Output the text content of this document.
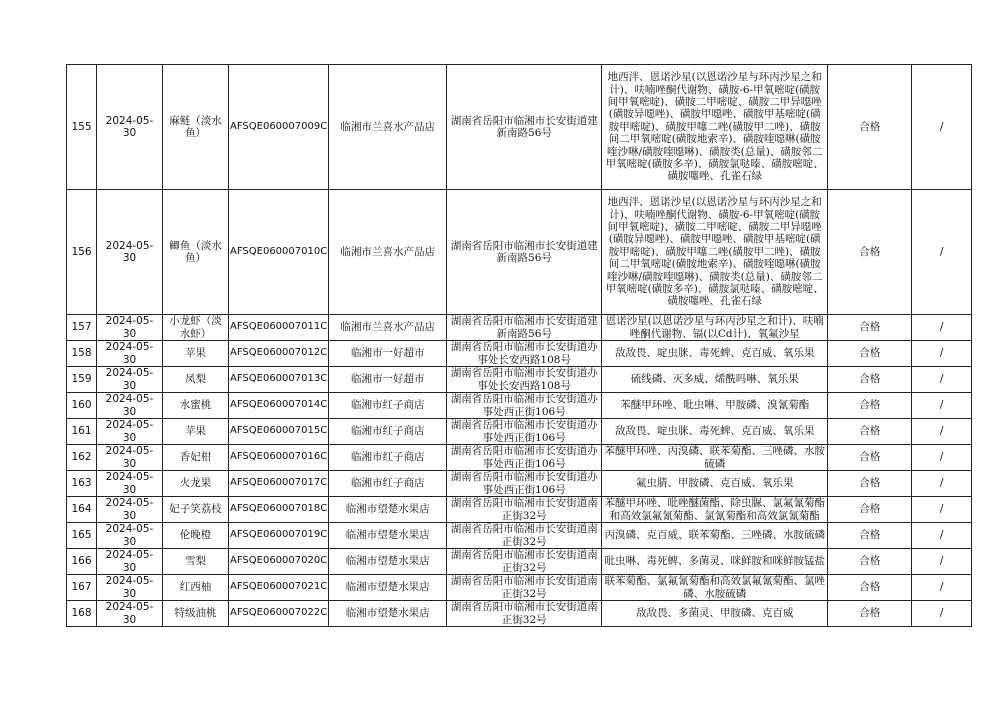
155	2024-05-30	麻鲢（淡水鱼）	AFSQE060007009C	临湘市兰喜水产品店	湖南省岳阳市临湘市长安街道建新南路56号	地西泮、恩诺沙星(以恩诺沙星与环丙沙星之和计)、呋喃唑酮代谢物、磺胺-6-甲氧嘧啶(磺胺间甲氧嘧啶)、磺胺二甲嘧啶、磺胺二甲异噁唑(磺胺异噁唑)、磺胺甲噁唑、磺胺甲基嘧啶(磺胺甲嘧啶)、磺胺甲噻二唑(磺胺甲二唑)、磺胺间二甲氧嘧啶(磺胺地索辛)、磺胺喹噁啉(磺胺喹沙啉/磺胺喹噁啉)、磺胺类(总量)、磺胺邻二甲氧嘧啶(磺胺多辛)、磺胺氯哒嗪、磺胺嘧啶、磺胺噻唑、孔雀石绿	合格	/
156	2024-05-30	鲫鱼（淡水鱼）	AFSQE060007010C	临湘市兰喜水产品店	湖南省岳阳市临湘市长安街道建新南路56号	地西泮、恩诺沙星(以恩诺沙星与环丙沙星之和计)、呋喃唑酮代谢物、磺胺-6-甲氧嘧啶(磺胺间甲氧嘧啶)、磺胺二甲嘧啶、磺胺二甲异噁唑(磺胺异噁唑)、磺胺甲噁唑、磺胺甲基嘧啶(磺胺甲嘧啶)、磺胺甲噻二唑(磺胺甲二唑)、磺胺间二甲氧嘧啶(磺胺地索辛)、磺胺喹噁啉(磺胺喹沙啉/磺胺喹噁啉)、磺胺类(总量)、磺胺邻二甲氧嘧啶(磺胺多辛)、磺胺氯哒嗪、磺胺嘧啶、磺胺噻唑、孔雀石绿	合格	/
157	2024-05-30	小龙虾（淡水虾）	AFSQE060007011C	临湘市兰喜水产品店	湖南省岳阳市临湘市长安街道建新南路56号	恩诺沙星(以恩诺沙星与环丙沙星之和计)、呋喃唑酮代谢物、镉(以Cd计)、氧氟沙星	合格	/
158	2024-05-30	苹果	AFSQE060007012C	临湘市一好超市	湖南省岳阳市临湘市长安街道办事处长安西路108号	敌敌畏、啶虫脒、毒死蜱、克百威、氧乐果	合格	/
159	2024-05-30	凤梨	AFSQE060007013C	临湘市一好超市	湖南省岳阳市临湘市长安街道办事处长安西路108号	硫线磷、灭多威、烯酰吗啉、氧乐果	合格	/
160	2024-05-30	水蜜桃	AFSQE060007014C	临湘市红子商店	湖南省岳阳市临湘市长安街道办事处西正街106号	苯醚甲环唑、吡虫啉、甲胺磷、溴氰菊酯	合格	/
161	2024-05-30	苹果	AFSQE060007015C	临湘市红子商店	湖南省岳阳市临湘市长安街道办事处西正街106号	敌敌畏、啶虫脒、毒死蜱、克百威、氧乐果	合格	/
162	2024-05-30	香妃柑	AFSQE060007016C	临湘市红子商店	湖南省岳阳市临湘市长安街道办事处西正街106号	苯醚甲环唑、丙溴磷、联苯菊酯、三唑磷、水胺硫磷	合格	/
163	2024-05-30	火龙果	AFSQE060007017C	临湘市红子商店	湖南省岳阳市临湘市长安街道办事处西正街106号	氟虫腈、甲胺磷、克百威、氧乐果	合格	/
164	2024-05-30	妃子笑荔枝	AFSQE060007018C	临湘市望楚水果店	湖南省岳阳市临湘市长安街道南正街32号	苯醚甲环唑、吡唑醚菌酯、除虫脲、氯氟氰菊酯和高效氯氟氰菊酯、氯氰菊酯和高效氯氰菊酯	合格	/
165	2024-05-30	伦晚橙	AFSQE060007019C	临湘市望楚水果店	湖南省岳阳市临湘市长安街道南正街32号	丙溴磷、克百威、联苯菊酯、三唑磷、水胺硫磷	合格	/
166	2024-05-30	雪梨	AFSQE060007020C	临湘市望楚水果店	湖南省岳阳市临湘市长安街道南正街32号	吡虫啉、毒死蜱、多菌灵、咪鲜胺和咪鲜胺锰盐	合格	/
167	2024-05-30	红西柚	AFSQE060007021C	临湘市望楚水果店	湖南省岳阳市临湘市长安街道南正街32号	联苯菊酯、氯氟氰菊酯和高效氯氟氰菊酯、氯唑磷、水胺硫磷	合格	/
168	2024-05-30	特级油桃	AFSQE060007022C	临湘市望楚水果店	湖南省岳阳市临湘市长安街道南正街32号	敌敌畏、多菌灵、甲胺磷、克百威	合格	/
